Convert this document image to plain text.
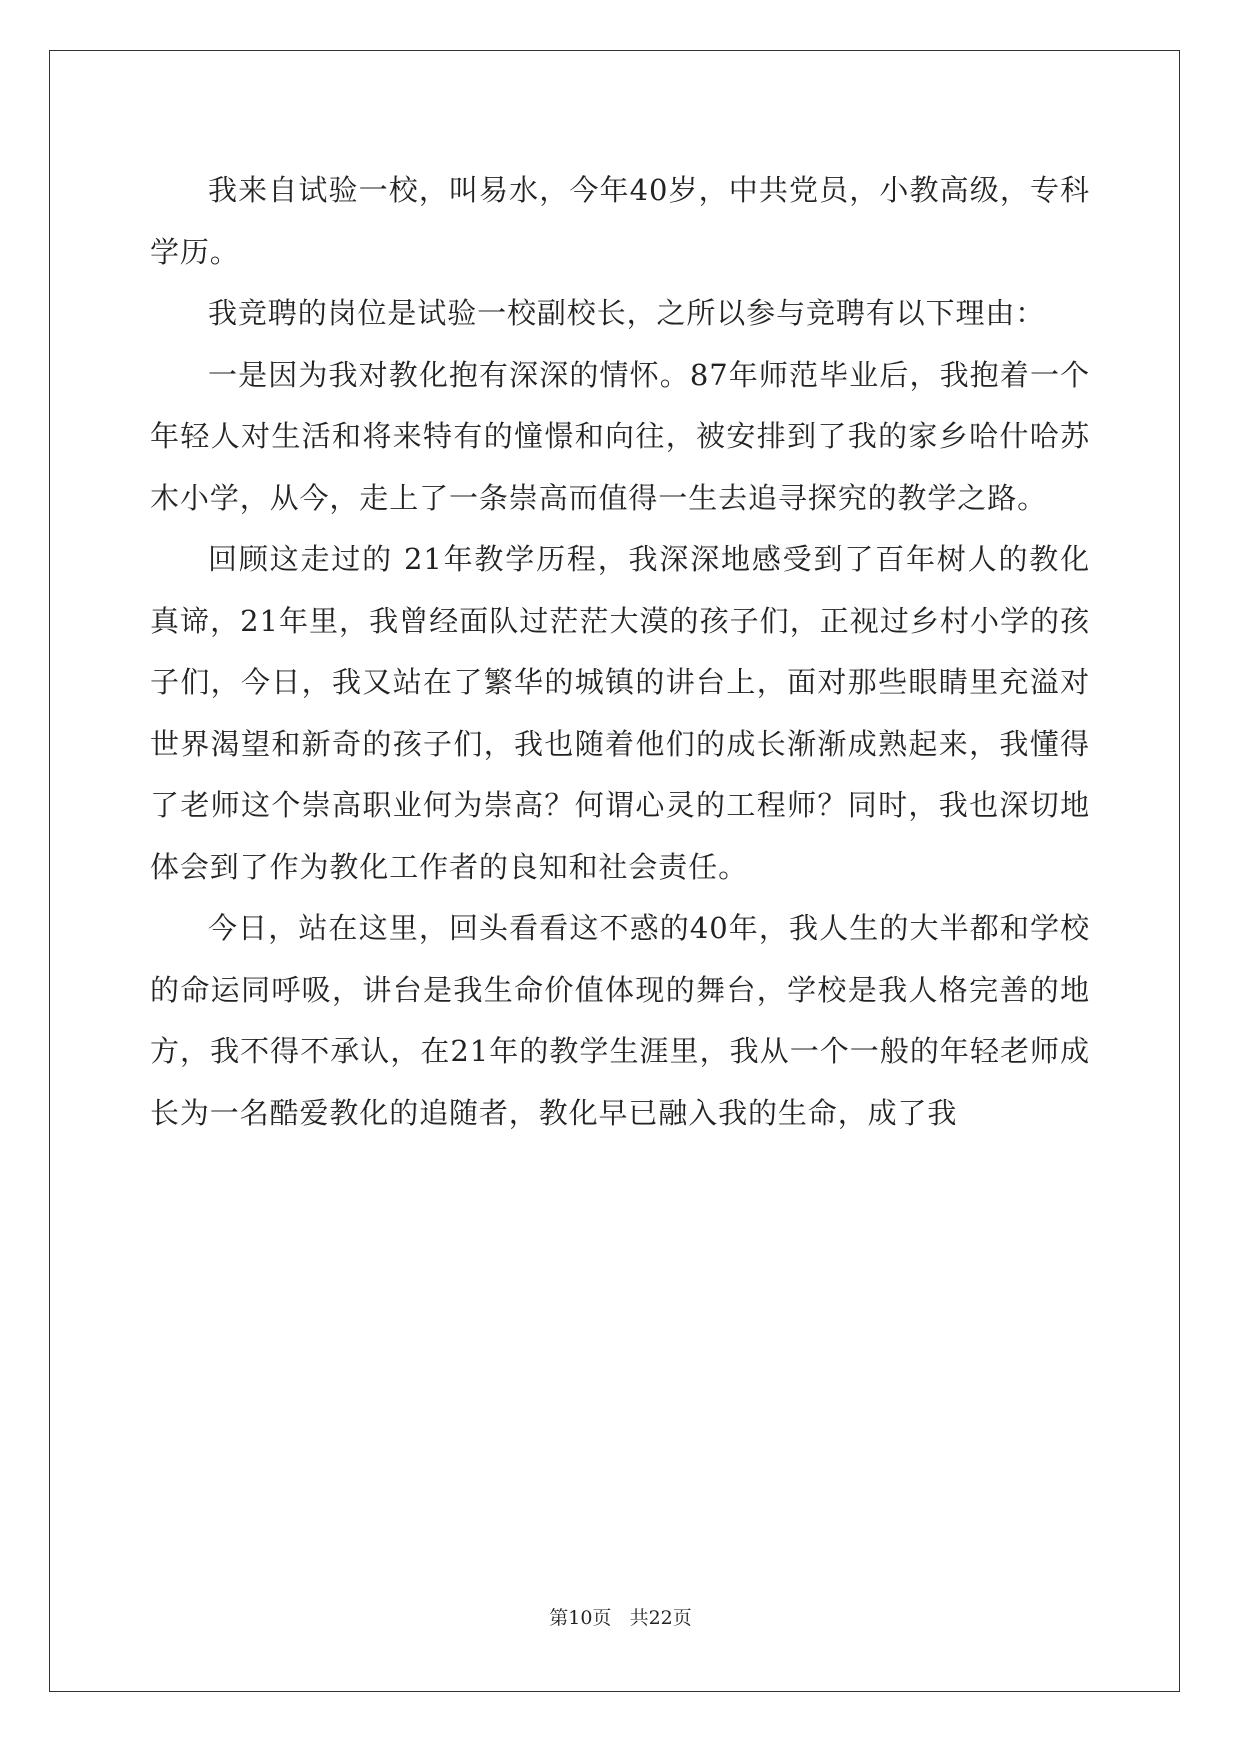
我来自试验一校，叫易水，今年40岁，中共党员，小教高级，专科学历。

我竞聘的岗位是试验一校副校长，之所以参与竞聘有以下理由：

一是因为我对教化抱有深深的情怀。87年师范毕业后，我抱着一个年轻人对生活和将来特有的憧憬和向往，被安排到了我的家乡哈什哈苏木小学，从今，走上了一条崇高而值得一生去追寻探究的教学之路。

回顾这走过的 21年教学历程，我深深地感受到了百年树人的教化真谛，21年里，我曾经面队过茫茫大漠的孩子们，正视过乡村小学的孩子们，今日，我又站在了繁华的城镇的讲台上，面对那些眼睛里充溢对世界渴望和新奇的孩子们，我也随着他们的成长渐渐成熟起来，我懂得了老师这个崇高职业何为崇高？何谓心灵的工程师？同时，我也深切地体会到了作为教化工作者的良知和社会责任。

今日，站在这里，回头看看这不惑的40年，我人生的大半都和学校的命运同呼吸，讲台是我生命价值体现的舞台，学校是我人格完善的地方，我不得不承认，在21年的教学生涯里，我从一个一般的年轻老师成长为一名酷爱教化的追随者，教化早已融入我的生命，成了我

第10页 共22页
